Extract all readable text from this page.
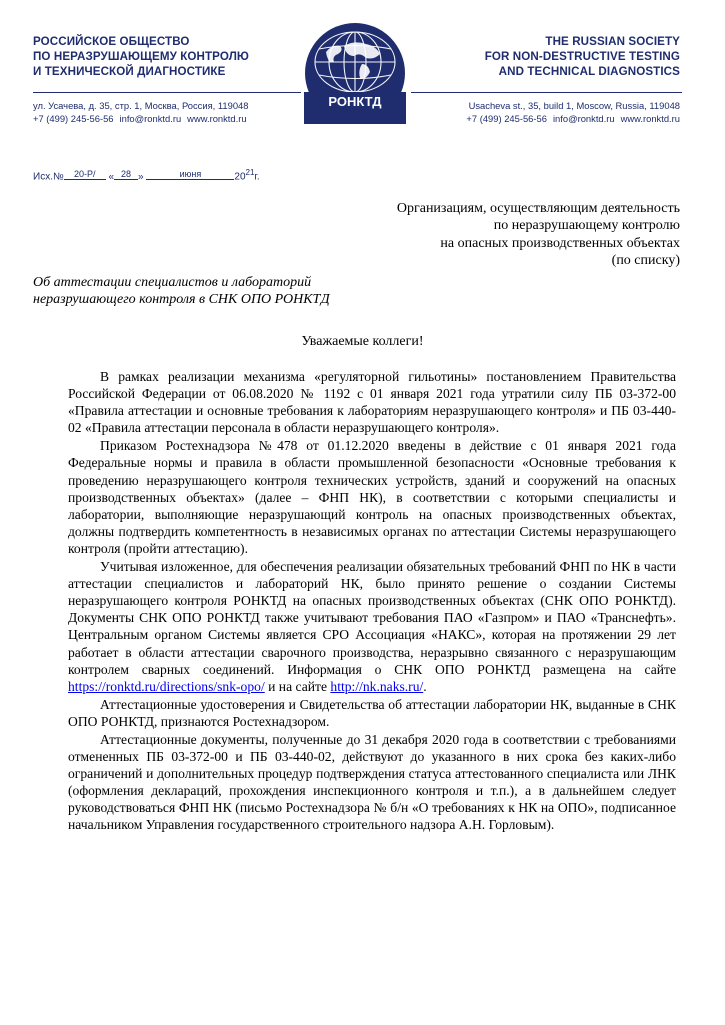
РОССИЙСКОЕ ОБЩЕСТВО
ПО НЕРАЗРУШАЮЩЕМУ КОНТРОЛЮ
И ТЕХНИЧЕСКОЙ ДИАГНОСТИКЕ
РОНКТД
THE RUSSIAN SOCIETY
FOR NON-DESTRUCTIVE TESTING
AND TECHNICAL DIAGNOSTICS
ул. Усачева, д. 35, стр. 1, Москва, Россия, 119048
+7 (499) 245-56-56 info@ronktd.ru www.ronktd.ru
Usacheva st., 35, build 1, Moscow, Russia, 119048
+7 (499) 245-56-56 info@ronktd.ru www.ronktd.ru
Исх.№ 20-Р/ « 28 »	июня	$20^{21}г$.
Организациям, осуществляющим деятельность
по неразрушающему контролю
на опасных производственных объектах
(по списку)
Об аттестации специалистов и лабораторий
неразрушающего контроля в СНК ОПО РОНКТД
Уважаемые коллеги!

В рамках реализации механизма «регуляторной гильотины» постановлением Правительства Российской Федерации от 06.08.2020 № 1192 с 01 января 2021 года утратили силу ПБ 03-372-00 «Правила аттестации и основные требования к лабораториям неразрушающего контроля» и ПБ 03-440-02 «Правила аттестации персонала в области неразрушающего контроля».

Приказом Ростехнадзора №478 от 01.12.2020 введены в действие с 01 января 2021 года Федеральные нормы и правила в области промышленной безопасности «Основные требования к проведению неразрушающего контроля технических устройств, зданий и сооружений на опасных производственных объектах» (далее – ФНП НК), в соответствии с которыми специалисты и лаборатории, выполняющие неразрушающий контроль на опасных производственных объектах, должны подтвердить компетентность в независимых органах по аттестации Системы неразрушающего контроля (пройти аттестацию).

Учитывая изложенное, для обеспечения реализации обязательных требований ФНП по НК в части аттестации специалистов и лабораторий НК, было принято решение о создании Системы неразрушающего контроля РОНКТД на опасных производственных объектах (СНК ОПО РОНКТД). Документы СНК ОПО РОНКТД также учитывают требования ПАО «Газпром» и ПАО «Транснефть». Центральным органом Системы является СРО Ассоциация «НАКС», которая на протяжении 29 лет работает в области аттестации сварочного производства, неразрывно связанного с неразрушающим контролем сварных соединений. Информация о СНК ОПО РОНКТД размещена на сайте https://ronktd.ru/directions/snk-opo/ и на сайте http://nk.naks.ru/.

Аттестационные удостоверения и Свидетельства об аттестации лаборатории НК, выданные в СНК ОПО РОНКТД, признаются Ростехнадзором.

Аттестационные документы, полученные до 31 декабря 2020 года в соответствии с требованиями отмененных ПБ 03-372-00 и ПБ 03-440-02, действуют до указанного в них срока без каких-либо ограничений и дополнительных процедур подтверждения статуса аттестованного специалиста или ЛНК (оформления деклараций, прохождения инспекционного контроля и т.п.), а в дальнейшем следует руководствоваться ФНП НК (письмо Ростехнадзора № б/н «О требованиях к НК на ОПО», подписанное начальником Управления государственного строительного надзора А.Н. Горловым).
